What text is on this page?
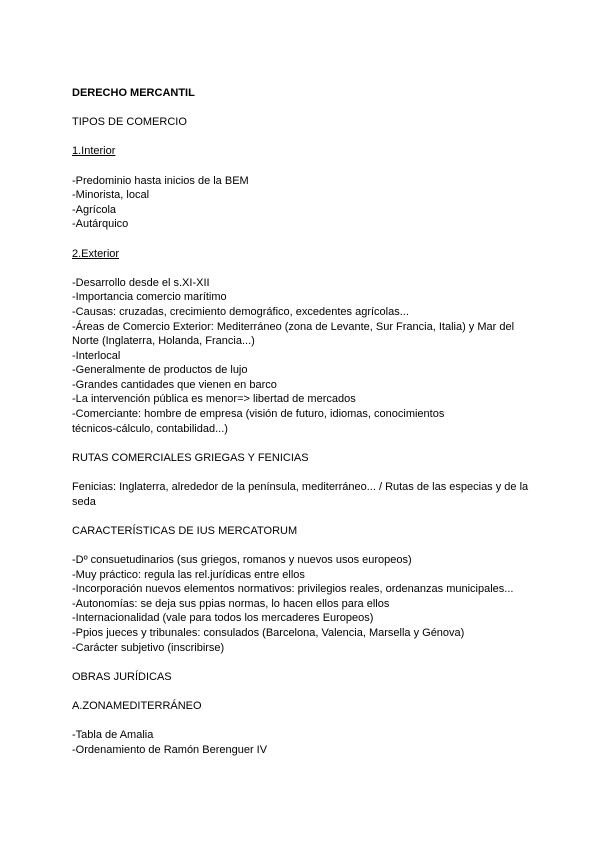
DERECHO MERCANTIL
TIPOS DE COMERCIO
1.Interior
-Predominio hasta inicios de la BEM
-Minorista, local
-Agrícola
-Autárquico
2.Exterior
-Desarrollo desde el s.XI-XII
-Importancia comercio marítimo
-Causas: cruzadas, crecimiento demográfico, excedentes agrícolas...
-Áreas de Comercio Exterior: Mediterráneo (zona de Levante, Sur Francia, Italia) y Mar del Norte (Inglaterra, Holanda, Francia...)
-Interlocal
-Generalmente de productos de lujo
-Grandes cantidades que vienen en barco
-La intervención pública es menor=> libertad de mercados
-Comerciante: hombre de empresa (visión de futuro, idiomas, conocimientos técnicos-cálculo, contabilidad...)
RUTAS COMERCIALES GRIEGAS Y FENICIAS
Fenicias: Inglaterra, alrededor de la península, mediterráneo... / Rutas de las especias y de la seda
CARACTERÍSTICAS DE IUS MERCATORUM
-Dº consuetudinarios (sus griegos, romanos y nuevos usos europeos)
-Muy práctico: regula las rel.jurídicas entre ellos
-Incorporación nuevos elementos normativos: privilegios reales, ordenanzas municipales...
-Autonomías: se deja sus ppias normas, lo hacen ellos para ellos
-Internacionalidad (vale para todos los mercaderes Europeos)
-Ppios jueces y tribunales: consulados (Barcelona, Valencia, Marsella y Génova)
-Carácter subjetivo (inscribirse)
OBRAS JURÍDICAS
A.ZONAMEDITERRÁNEO
-Tabla de Amalia
-Ordenamiento de Ramón Berenguer IV
